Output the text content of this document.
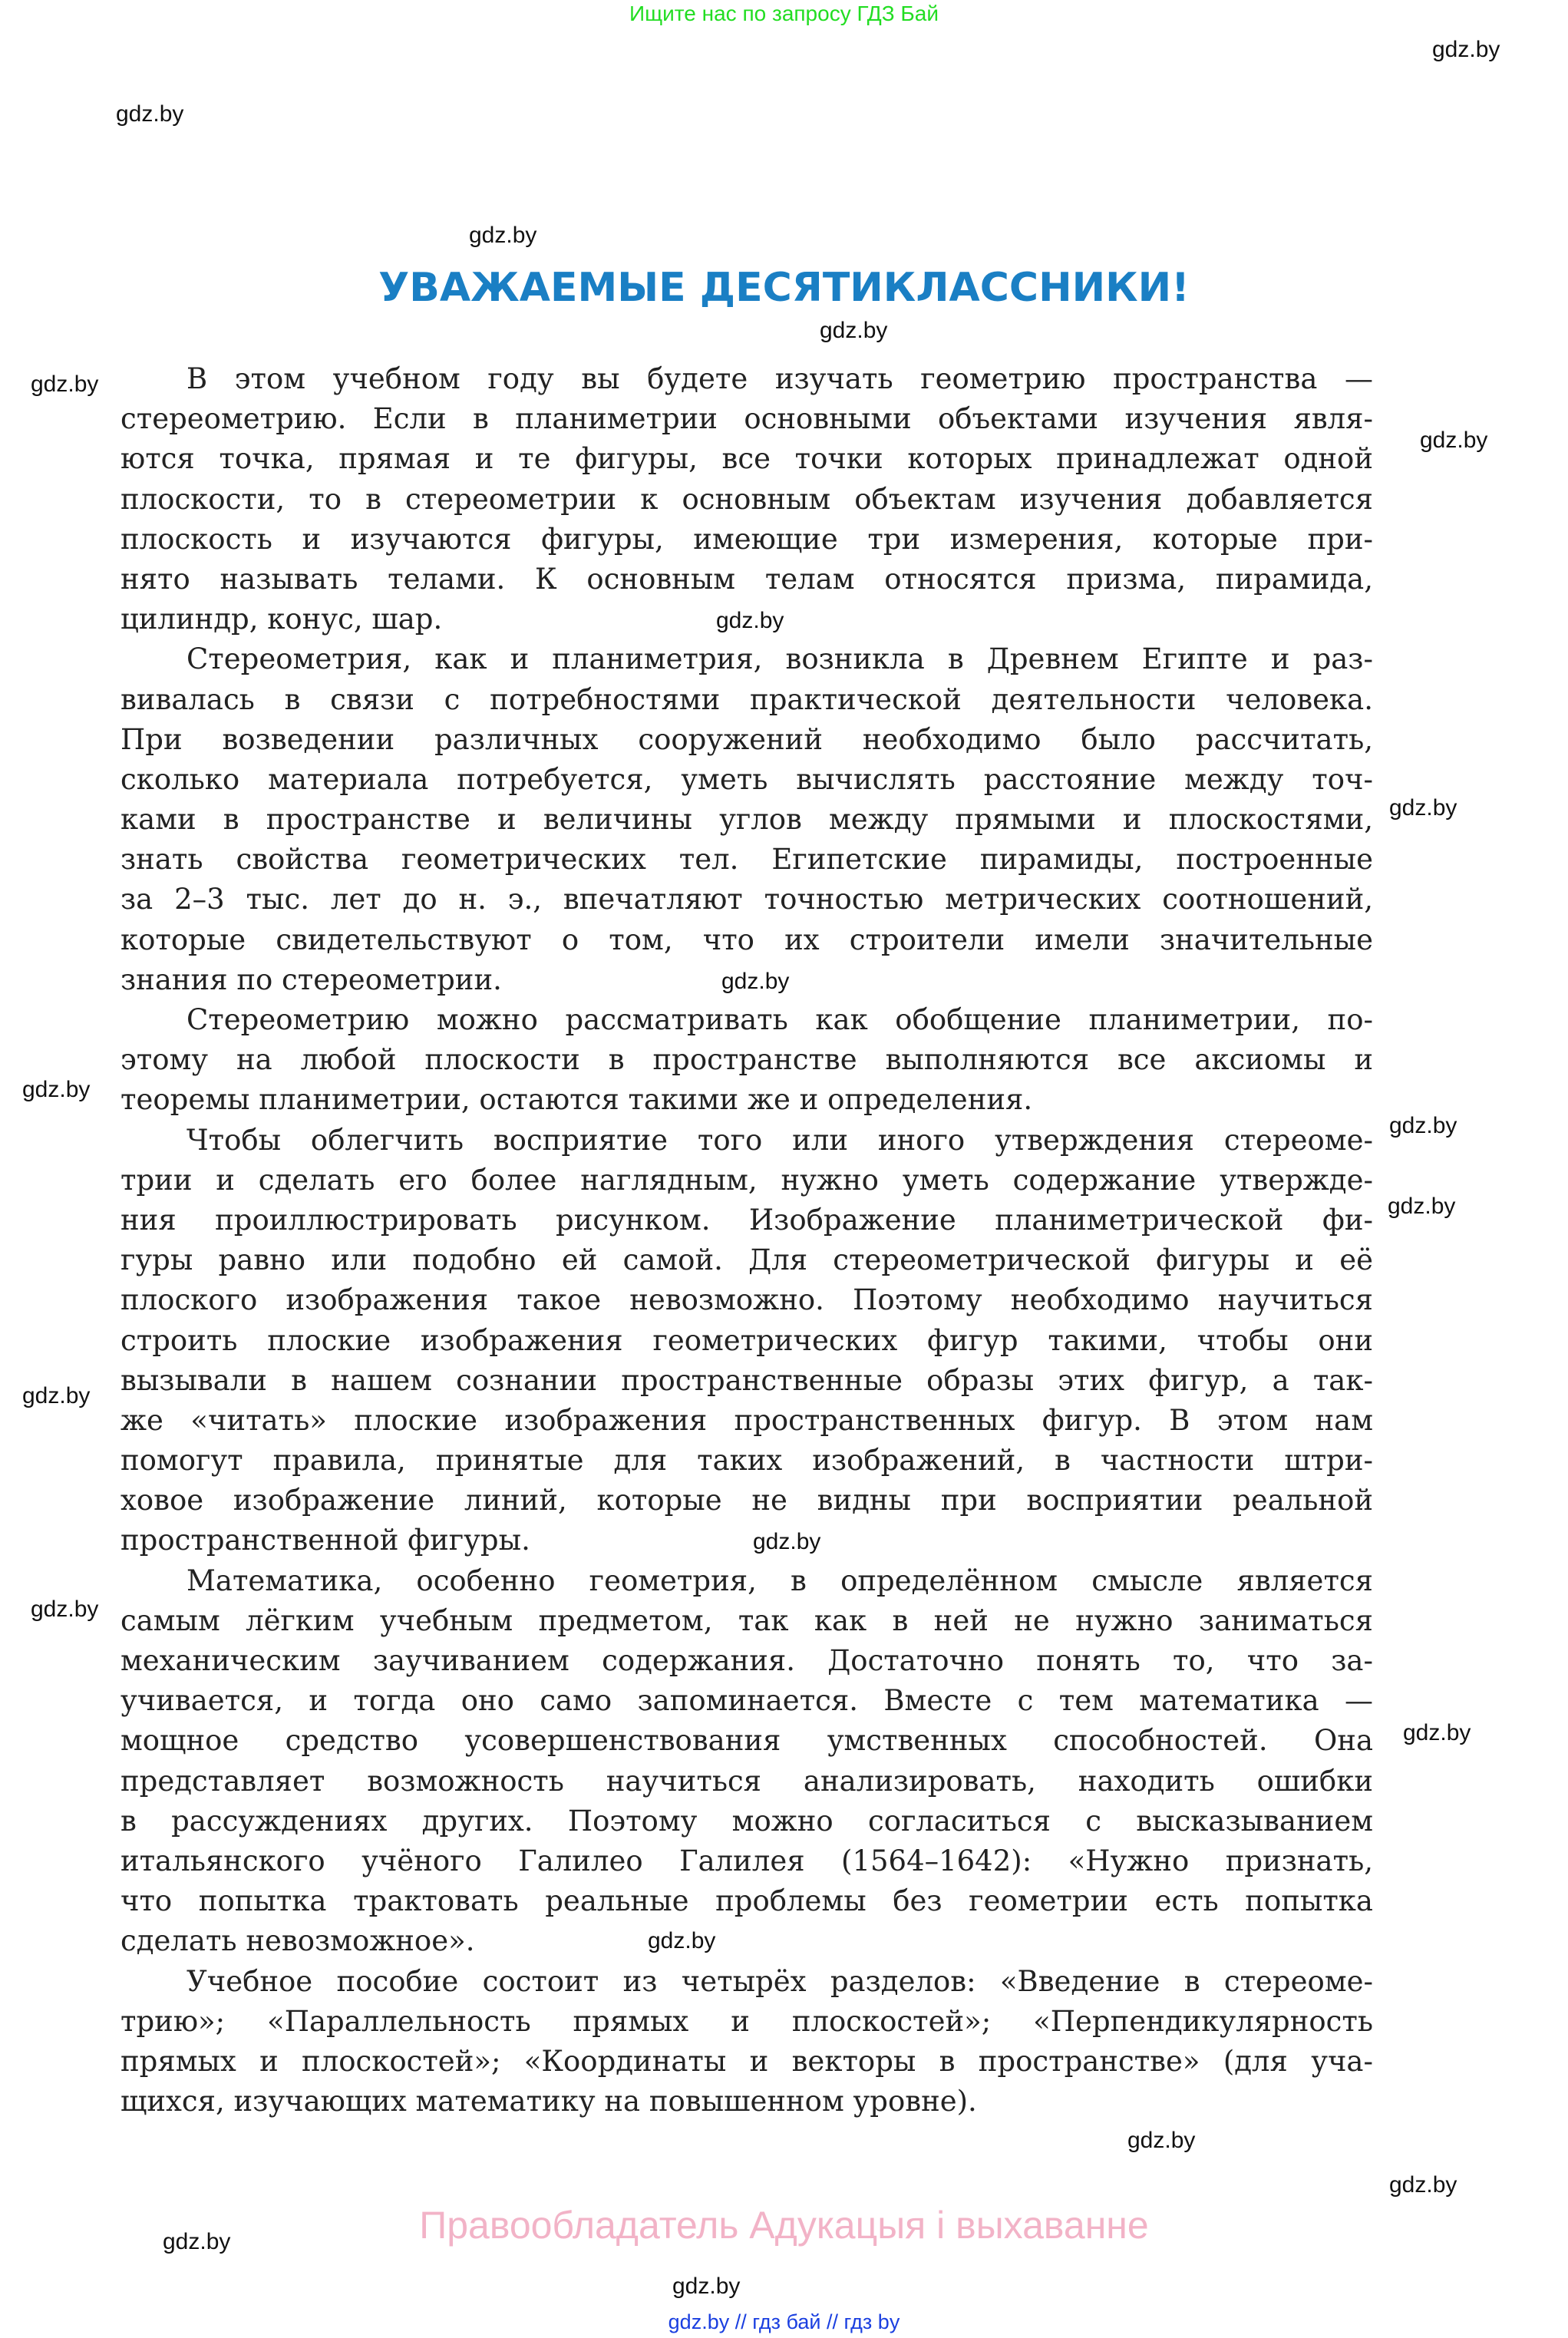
Ищите нас по запросу ГДЗ Бай
gdz.by
gdz.by
gdz.by
gdz.by
gdz.by
gdz.by
gdz.by
gdz.by
gdz.by
gdz.by
gdz.by
gdz.by
gdz.by
gdz.by
gdz.by
gdz.by
gdz.by
gdz.by
gdz.by
gdz.by
gdz.by
УВАЖАЕМЫЕ ДЕСЯТИКЛАССНИКИ!
В этом учебном году вы будете изучать геометрию пространства —
стереометрию. Если в планиметрии основными объектами изучения явля-
ются точка, прямая и те фигуры, все точки которых принадлежат одной
плоскости, то в стереометрии к основным объектам изучения добавляется
плоскость и изучаются фигуры, имеющие три измерения, которые при-
нято называть телами. К основным телам относятся призма, пирамида,
цилиндр, конус, шар.
Стереометрия, как и планиметрия, возникла в Древнем Египте и раз-
вивалась в связи с потребностями практической деятельности человека.
При возведении различных сооружений необходимо было рассчитать,
сколько материала потребуется, уметь вычислять расстояние между точ-
ками в пространстве и величины углов между прямыми и плоскостями,
знать свойства геометрических тел. Египетские пирамиды, построенные
за 2–3 тыс. лет до н. э., впечатляют точностью метрических соотношений,
которые свидетельствуют о том, что их строители имели значительные
знания по стереометрии.
Стереометрию можно рассматривать как обобщение планиметрии, по-
этому на любой плоскости в пространстве выполняются все аксиомы и
теоремы планиметрии, остаются такими же и определения.
Чтобы облегчить восприятие того или иного утверждения стереоме-
трии и сделать его более наглядным, нужно уметь содержание утвержде-
ния проиллюстрировать рисунком. Изображение планиметрической фи-
гуры равно или подобно ей самой. Для стереометрической фигуры и её
плоского изображения такое невозможно. Поэтому необходимо научиться
строить плоские изображения геометрических фигур такими, чтобы они
вызывали в нашем сознании пространственные образы этих фигур, а так-
же «читать» плоские изображения пространственных фигур. В этом нам
помогут правила, принятые для таких изображений, в частности штри-
ховое изображение линий, которые не видны при восприятии реальной
пространственной фигуры.
Математика, особенно геометрия, в определённом смысле является
самым лёгким учебным предметом, так как в ней не нужно заниматься
механическим заучиванием содержания. Достаточно понять то, что за-
учивается, и тогда оно само запоминается. Вместе с тем математика —
мощное средство усовершенствования умственных способностей. Она
представляет возможность научиться анализировать, находить ошибки
в рассуждениях других. Поэтому можно согласиться с высказыванием
итальянского учёного Галилео Галилея (1564–1642): «Нужно признать,
что попытка трактовать реальные проблемы без геометрии есть попытка
сделать невозможное».
Учебное пособие состоит из четырёх разделов: «Введение в стереоме-
трию»; «Параллельность прямых и плоскостей»; «Перпендикулярность
прямых и плоскостей»; «Координаты и векторы в пространстве» (для уча-
щихся, изучающих математику на повышенном уровне).
Правообладатель Адукацыя і выхаванне
gdz.by // гдз бай // гдз by
